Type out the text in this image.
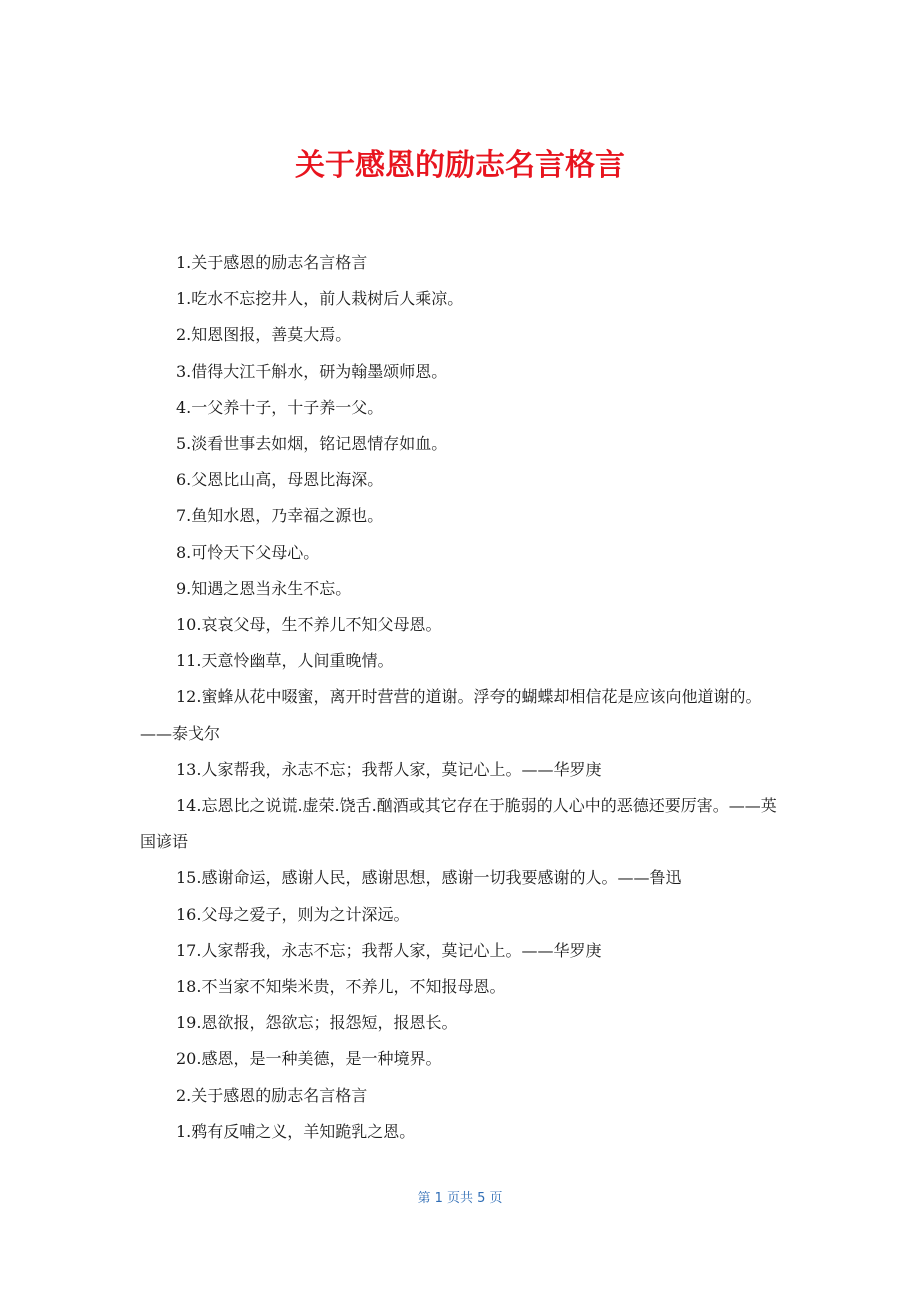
关于感恩的励志名言格言

1.关于感恩的励志名言格言

1.吃水不忘挖井人，前人栽树后人乘凉。

2.知恩图报，善莫大焉。

3.借得大江千斛水，研为翰墨颂师恩。

4.一父养十子，十子养一父。

5.淡看世事去如烟，铭记恩情存如血。

6.父恩比山高，母恩比海深。

7.鱼知水恩，乃幸福之源也。

8.可怜天下父母心。

9.知遇之恩当永生不忘。

10.哀哀父母，生不养儿不知父母恩。

11.天意怜幽草，人间重晚情。

12.蜜蜂从花中啜蜜，离开时营营的道谢。浮夸的蝴蝶却相信花是应该向他道谢的。——泰戈尔

13.人家帮我，永志不忘；我帮人家，莫记心上。——华罗庚

14.忘恩比之说谎.虚荣.饶舌.酗酒或其它存在于脆弱的人心中的恶德还要厉害。——英国谚语

15.感谢命运，感谢人民，感谢思想，感谢一切我要感谢的人。——鲁迅

16.父母之爱子，则为之计深远。

17.人家帮我，永志不忘；我帮人家，莫记心上。——华罗庚

18.不当家不知柴米贵，不养儿，不知报母恩。

19.恩欲报，怨欲忘；报怨短，报恩长。

20.感恩，是一种美德，是一种境界。

2.关于感恩的励志名言格言

1.鸦有反哺之义，羊知跪乳之恩。

第 1 页共 5 页
